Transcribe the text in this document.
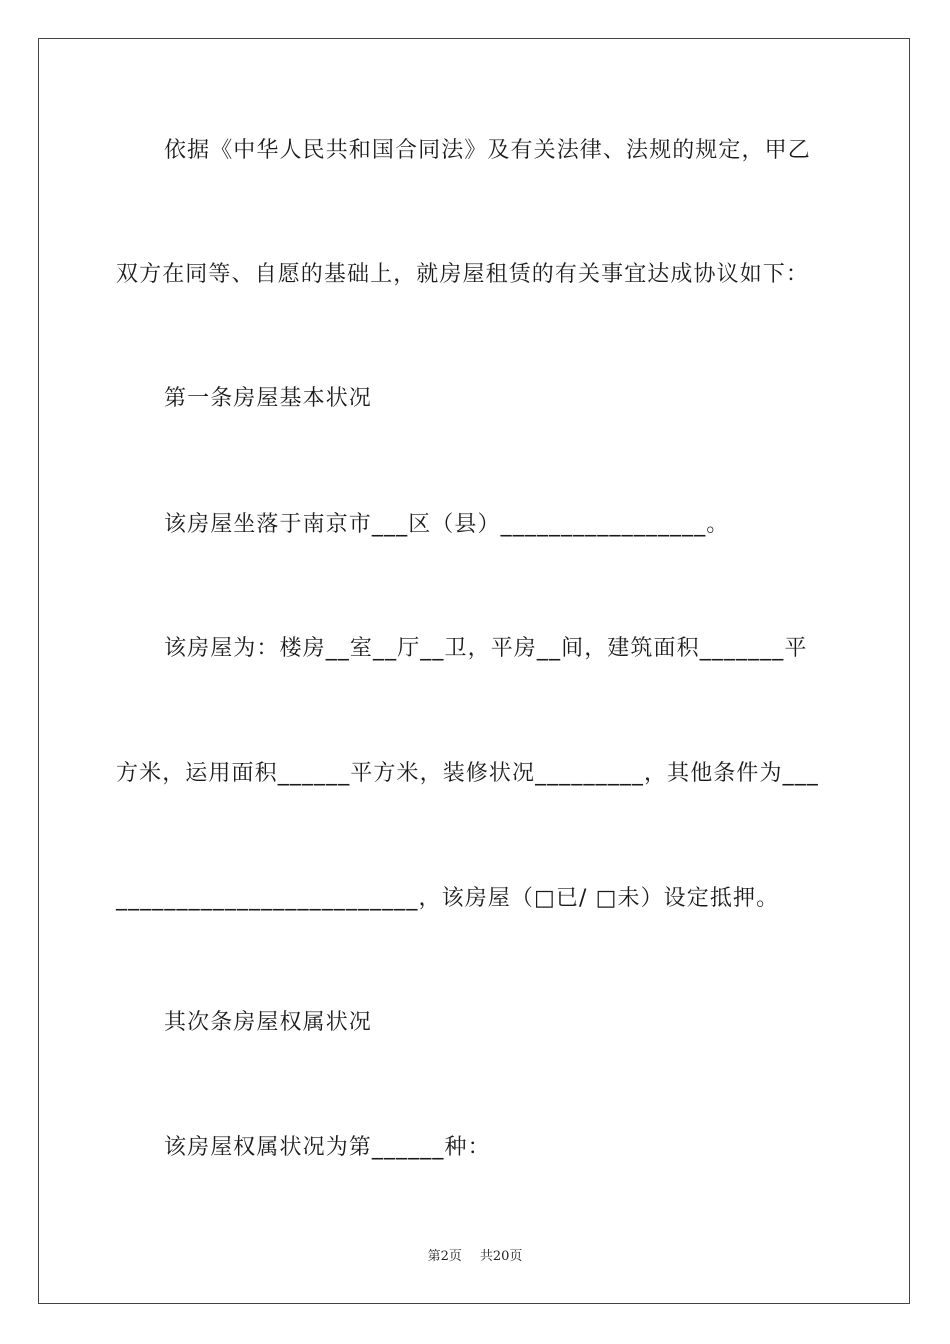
依据《中华人民共和国合同法》及有关法律、法规的规定，甲乙
双方在同等、自愿的基础上，就房屋租赁的有关事宜达成协议如下：
第一条房屋基本状况
该房屋坐落于南京市___区（县）_________________。
该房屋为：楼房__室__厅__卫，平房__间，建筑面积_______平
方米，运用面积______平方米，装修状况_________，其他条件为___
_________________________，该房屋（□已/ □未）设定抵押。
其次条房屋权属状况
该房屋权属状况为第______种：
第2页 共20页
